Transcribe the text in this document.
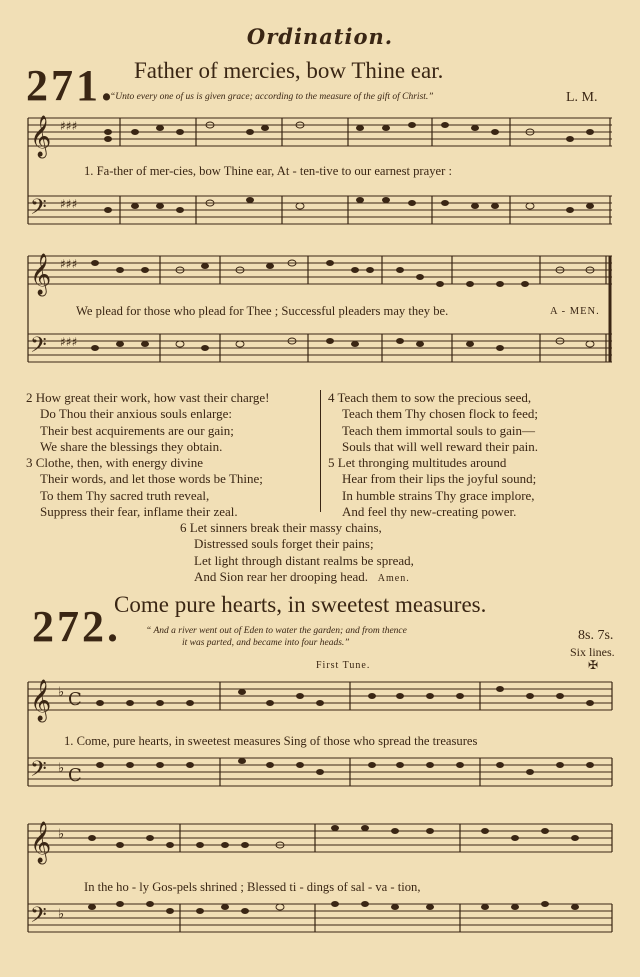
Ordination.
271. Father of mercies, bow Thine ear.
“Unto every one of us is given grace; according to the measure of the gift of Christ.”	L. M.
𝄞
𝄢
♯♯♯
♯♯♯
1. Fa-ther of mer-cies, bow Thine ear, At - ten-tive to our earnest prayer :
𝄞
𝄢
♯♯♯
♯♯♯
We plead for those who plead for Thee ; Successful pleaders may they be.	A - MEN.
2 How great their work, how vast their charge!
Do Thou their anxious souls enlarge:
Their best acquirements are our gain;
We share the blessings they obtain.
3 Clothe, then, with energy divine
Their words, and let those words be Thine;
To them Thy sacred truth reveal,
Suppress their fear, inflame their zeal.
4 Teach them to sow the precious seed,
Teach them Thy chosen flock to feed;
Teach them immortal souls to gain—
Souls that will well reward their pain.
5 Let thronging multitudes around
Hear from their lips the joyful sound;
In humble strains Thy grace implore,
And feel thy new-creating power.
6 Let sinners break their massy chains,
Distressed souls forget their pains;
Let light through distant realms be spread,
And Sion rear her drooping head. Amen.
272.
Come pure hearts, in sweetest measures.
“ And a river went out of Eden to water the garden; and from thence
it was parted, and became into four heads.”	8s. 7s.
Six lines.
✠
First Tune.
𝄞
𝄢
♭
♭
C
C
1. Come, pure hearts, in sweetest measures Sing of those who spread the treasures
𝄞
𝄢
♭
♭
In the ho - ly Gos-pels shrined ; Blessed ti - dings of sal - va - tion,
